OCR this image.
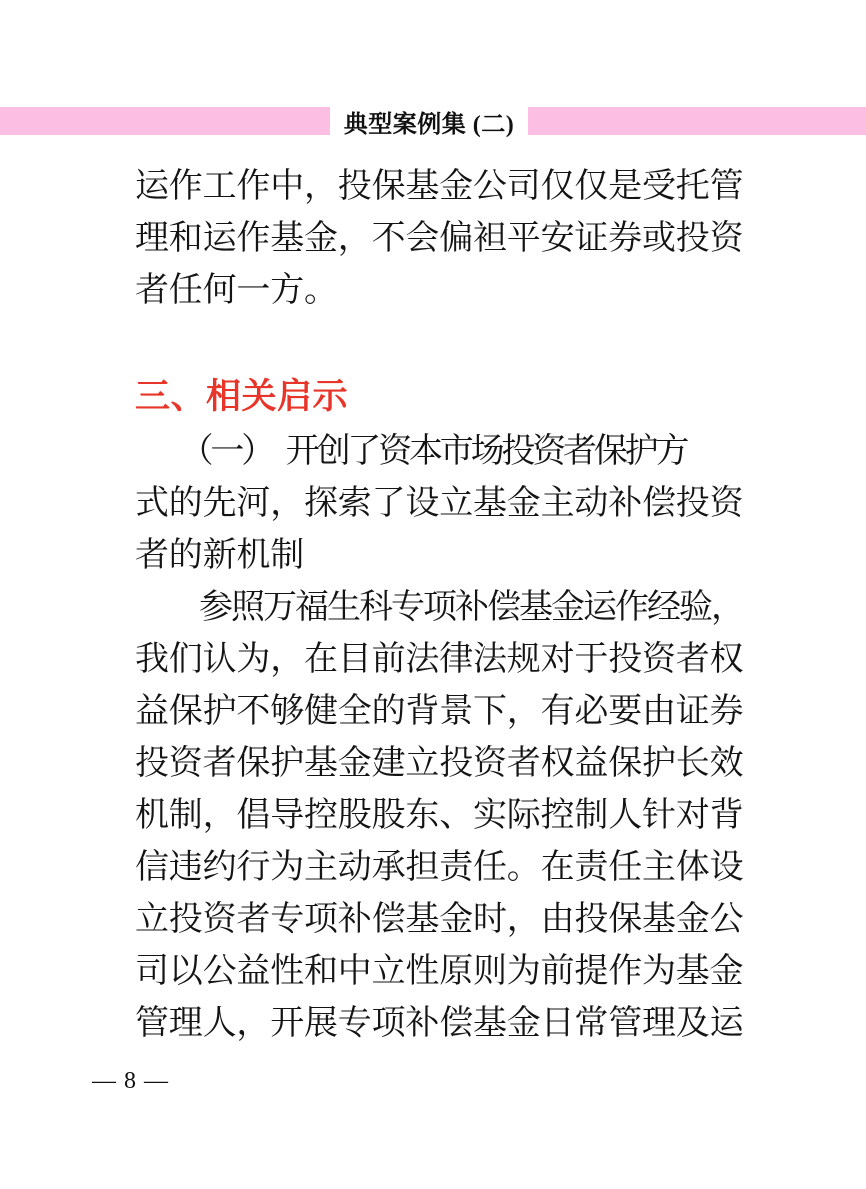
典型案例集 (二)
运作工作中，投保基金公司仅仅是受托管
理和运作基金，不会偏袒平安证券或投资
者任何一方。
三、相关启示
　　（一）　开创了资本市场投资者保护方
式的先河，探索了设立基金主动补偿投资
者的新机制
　　参照万福生科专项补偿基金运作经验，
我们认为，在目前法律法规对于投资者权
益保护不够健全的背景下，有必要由证券
投资者保护基金建立投资者权益保护长效
机制，倡导控股股东、实际控制人针对背
信违约行为主动承担责任。在责任主体设
立投资者专项补偿基金时，由投保基金公
司以公益性和中立性原则为前提作为基金
管理人，开展专项补偿基金日常管理及运
— 8 —
